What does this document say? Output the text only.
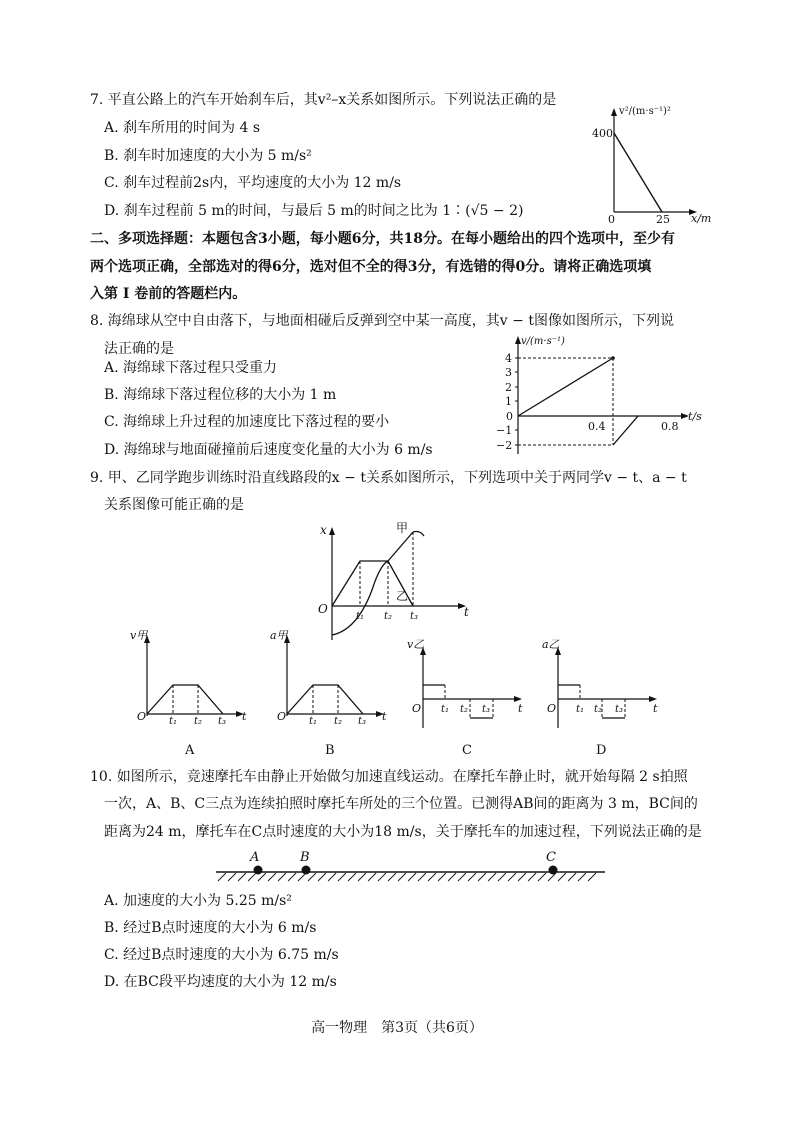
7. 平直公路上的汽车开始刹车后，其v²–x关系如图所示。下列说法正确的是
A. 刹车所用的时间为 4 s
B. 刹车时加速度的大小为 5 m/s²
C. 刹车过程前2s内，平均速度的大小为 12 m/s
D. 刹车过程前 5 m的时间，与最后 5 m的时间之比为 1∶(√5 − 2)
v²/(m·s⁻¹)²
400
0	25 x/m
二、多项选择题：本题包含3小题，每小题6分，共18分。在每小题给出的四个选项中，至少有
两个选项正确，全部选对的得6分，选对但不全的得3分，有选错的得0分。请将正确选项填
入第 Ⅰ 卷前的答题栏内。
8. 海绵球从空中自由落下，与地面相碰后反弹到空中某一高度，其v − t图像如图所示，下列说
法正确的是
A. 海绵球下落过程只受重力
B. 海绵球下落过程位移的大小为 1 m
C. 海绵球上升过程的加速度比下落过程的要小
D. 海绵球与地面碰撞前后速度变化量的大小为 6 m/s
v/(m·s⁻¹)
4
3
2
1
0
−1
−2
0.4	0.8
t/s
9. 甲、乙同学跑步训练时沿直线路段的x − t关系如图所示，下列选项中关于两同学v − t、a − t
关系图像可能正确的是
x
O	t
甲
乙
t₁ t₂ t₃
v甲
O	t
t₁ t₂ t₃
A
a甲
O	t
t₁ t₂ t₃
B
v乙
O	t
t₁ t₂ t₃
C
a乙
O	t
t₁ t₂ t₃
D
10. 如图所示，竞速摩托车由静止开始做匀加速直线运动。在摩托车静止时，就开始每隔 2 s拍照
一次，A、B、C三点为连续拍照时摩托车所处的三个位置。已测得AB间的距离为 3 m，BC间的
距离为24 m，摩托车在C点时速度的大小为18 m/s，关于摩托车的加速过程，下列说法正确的是
A	B	C
A. 加速度的大小为 5.25 m/s²
B. 经过B点时速度的大小为 6 m/s
C. 经过B点时速度的大小为 6.75 m/s
D. 在BC段平均速度的大小为 12 m/s
高一物理　第3页（共6页）
